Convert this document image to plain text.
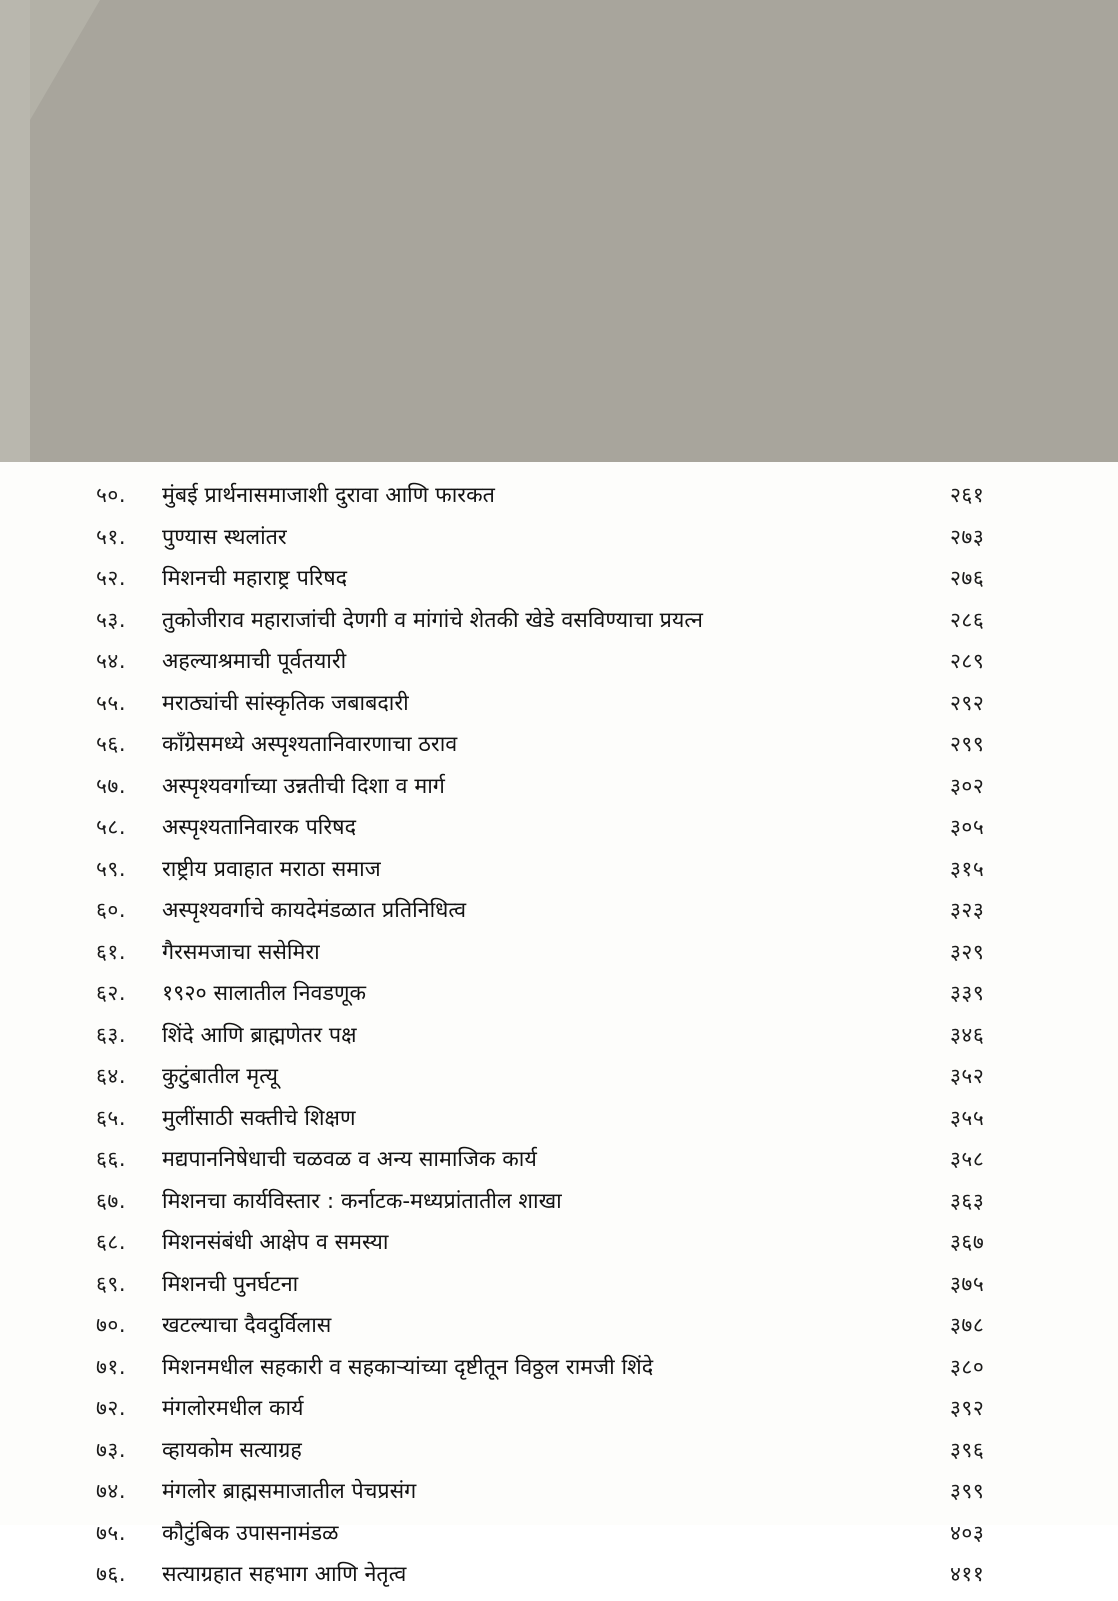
५०.	मुंबई प्रार्थनासमाजाशी दुरावा आणि फारकत	२६१
५१.	पुण्यास स्थलांतर	२७३
५२.	मिशनची महाराष्ट्र परिषद	२७६
५३.	तुकोजीराव महाराजांची देणगी व मांगांचे शेतकी खेडे वसविण्याचा प्रयत्न	२८६
५४.	अहल्याश्रमाची पूर्वतयारी	२८९
५५.	मराठ्यांची सांस्कृतिक जबाबदारी	२९२
५६.	काँग्रेसमध्ये अस्पृश्यतानिवारणाचा ठराव	२९९
५७.	अस्पृश्यवर्गाच्या उन्नतीची दिशा व मार्ग	३०२
५८.	अस्पृश्यतानिवारक परिषद	३०५
५९.	राष्ट्रीय प्रवाहात मराठा समाज	३१५
६०.	अस्पृश्यवर्गाचे कायदेमंडळात प्रतिनिधित्व	३२३
६१.	गैरसमजाचा ससेमिरा	३२९
६२.	१९२० सालातील निवडणूक	३३९
६३.	शिंदे आणि ब्राह्मणेतर पक्ष	३४६
६४.	कुटुंबातील मृत्यू	३५२
६५.	मुलींसाठी सक्तीचे शिक्षण	३५५
६६.	मद्यपाननिषेधाची चळवळ व अन्य सामाजिक कार्य	३५८
६७.	मिशनचा कार्यविस्तार : कर्नाटक-मध्यप्रांतातील शाखा	३६३
६८.	मिशनसंबंधी आक्षेप व समस्या	३६७
६९.	मिशनची पुनर्घटना	३७५
७०.	खटल्याचा दैवदुर्विलास	३७८
७१.	मिशनमधील सहकारी व सहकाऱ्यांच्या दृष्टीतून विठ्ठल रामजी शिंदे	३८०
७२.	मंगलोरमधील कार्य	३९२
७३.	व्हायकोम सत्याग्रह	३९६
७४.	मंगलोर ब्राह्मसमाजातील पेचप्रसंग	३९९
७५.	कौटुंबिक उपासनामंडळ	४०३
७६.	सत्याग्रहात सहभाग आणि नेतृत्व	४११
